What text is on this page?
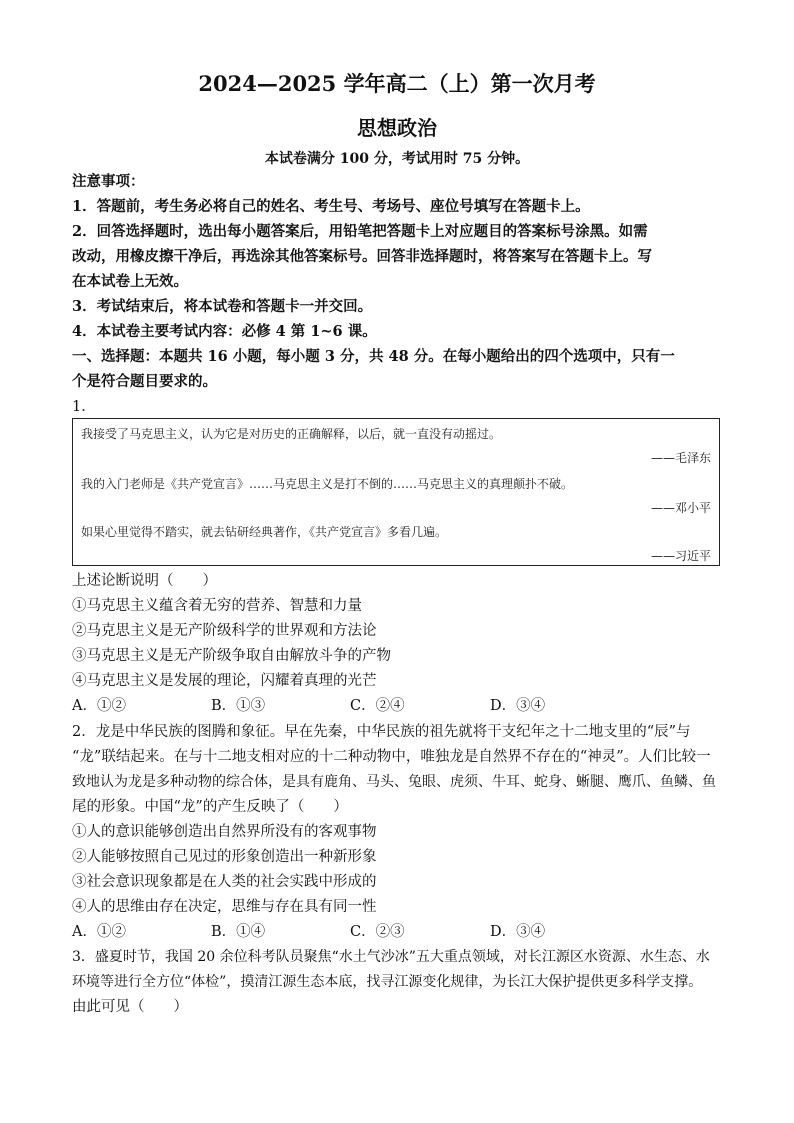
2024—2025 学年高二（上）第一次月考
思想政治
本试卷满分 100 分，考试用时 75 分钟。
注意事项：
1．答题前，考生务必将自己的姓名、考生号、考场号、座位号填写在答题卡上。
2．回答选择题时，选出每小题答案后，用铅笔把答题卡上对应题目的答案标号涂黑。如需
改动，用橡皮擦干净后，再选涂其他答案标号。回答非选择题时，将答案写在答题卡上。写
在本试卷上无效。
3．考试结束后，将本试卷和答题卡一并交回。
4．本试卷主要考试内容：必修 4 第 1~6 课。
一、选择题：本题共 16 小题，每小题 3 分，共 48 分。在每小题给出的四个选项中，只有一
个是符合题目要求的。
1．
我接受了马克思主义，认为它是对历史的正确解释，以后，就一直没有动摇过。
——毛泽东
我的入门老师是《共产党宣言》……马克思主义是打不倒的……马克思主义的真理颠扑不破。
——邓小平
如果心里觉得不踏实，就去钻研经典著作，《共产党宣言》多看几遍。
——习近平
上述论断说明（　　）
①马克思主义蕴含着无穷的营养、智慧和力量
②马克思主义是无产阶级科学的世界观和方法论
③马克思主义是无产阶级争取自由解放斗争的产物
④马克思主义是发展的理论，闪耀着真理的光芒
A．①②	B．①③	C．②④	D．③④
2．龙是中华民族的图腾和象征。早在先秦，中华民族的祖先就将干支纪年之十二地支里的“辰”与
“龙”联结起来。在与十二地支相对应的十二种动物中，唯独龙是自然界不存在的“神灵”。人们比较一
致地认为龙是多种动物的综合体，是具有鹿角、马头、兔眼、虎须、牛耳、蛇身、蜥腿、鹰爪、鱼鳞、鱼
尾的形象。中国“龙”的产生反映了（　　）
①人的意识能够创造出自然界所没有的客观事物
②人能够按照自己见过的形象创造出一种新形象
③社会意识现象都是在人类的社会实践中形成的
④人的思维由存在决定，思维与存在具有同一性
A．①②	B．①④	C．②③	D．③④
3．盛夏时节，我国 20 余位科考队员聚焦“水土气沙冰”五大重点领域，对长江源区水资源、水生态、水
环境等进行全方位“体检”，摸清江源生态本底，找寻江源变化规律，为长江大保护提供更多科学支撑。
由此可见（　　）
